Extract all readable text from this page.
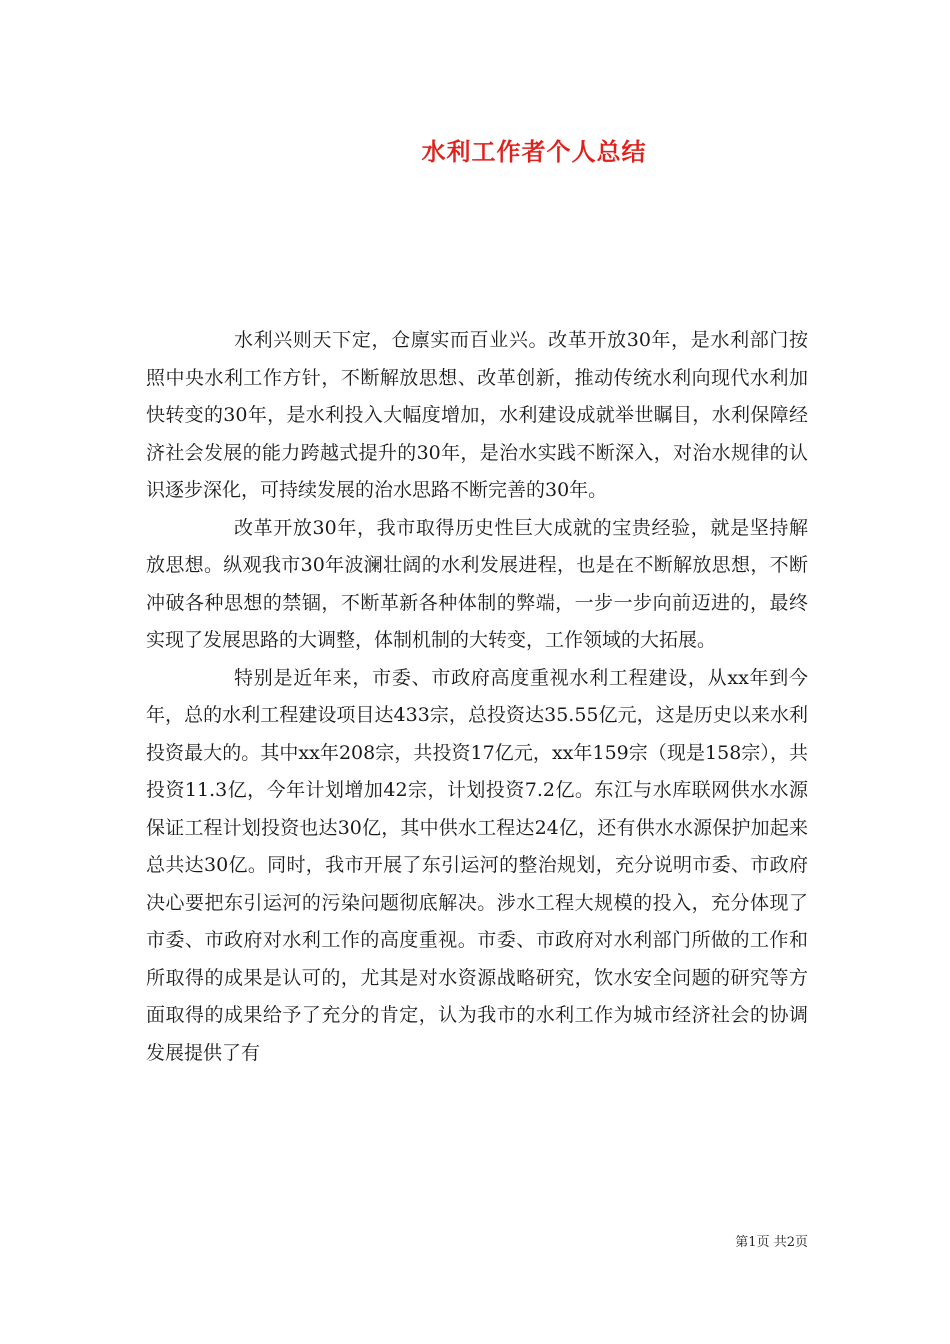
水利工作者个人总结

水利兴则天下定，仓廪实而百业兴。改革开放30年，是水利部门按照中央水利工作方针，不断解放思想、改革创新，推动传统水利向现代水利加快转变的30年，是水利投入大幅度增加，水利建设成就举世瞩目，水利保障经济社会发展的能力跨越式提升的30年，是治水实践不断深入，对治水规律的认识逐步深化，可持续发展的治水思路不断完善的30年。

改革开放30年，我市取得历史性巨大成就的宝贵经验，就是坚持解放思想。纵观我市30年波澜壮阔的水利发展进程，也是在不断解放思想，不断冲破各种思想的禁锢，不断革新各种体制的弊端，一步一步向前迈进的，最终实现了发展思路的大调整，体制机制的大转变，工作领域的大拓展。

特别是近年来，市委、市政府高度重视水利工程建设，从xx年到今年，总的水利工程建设项目达433宗，总投资达35.55亿元，这是历史以来水利投资最大的。其中xx年208宗，共投资17亿元，xx年159宗（现是158宗），共投资11.3亿，今年计划增加42宗，计划投资7.2亿。东江与水库联网供水水源保证工程计划投资也达30亿，其中供水工程达24亿，还有供水水源保护加起来总共达30亿。同时，我市开展了东引运河的整治规划，充分说明市委、市政府决心要把东引运河的污染问题彻底解决。涉水工程大规模的投入，充分体现了市委、市政府对水利工作的高度重视。市委、市政府对水利部门所做的工作和所取得的成果是认可的，尤其是对水资源战略研究，饮水安全问题的研究等方面取得的成果给予了充分的肯定，认为我市的水利工作为城市经济社会的协调发展提供了有

第1页 共2页
